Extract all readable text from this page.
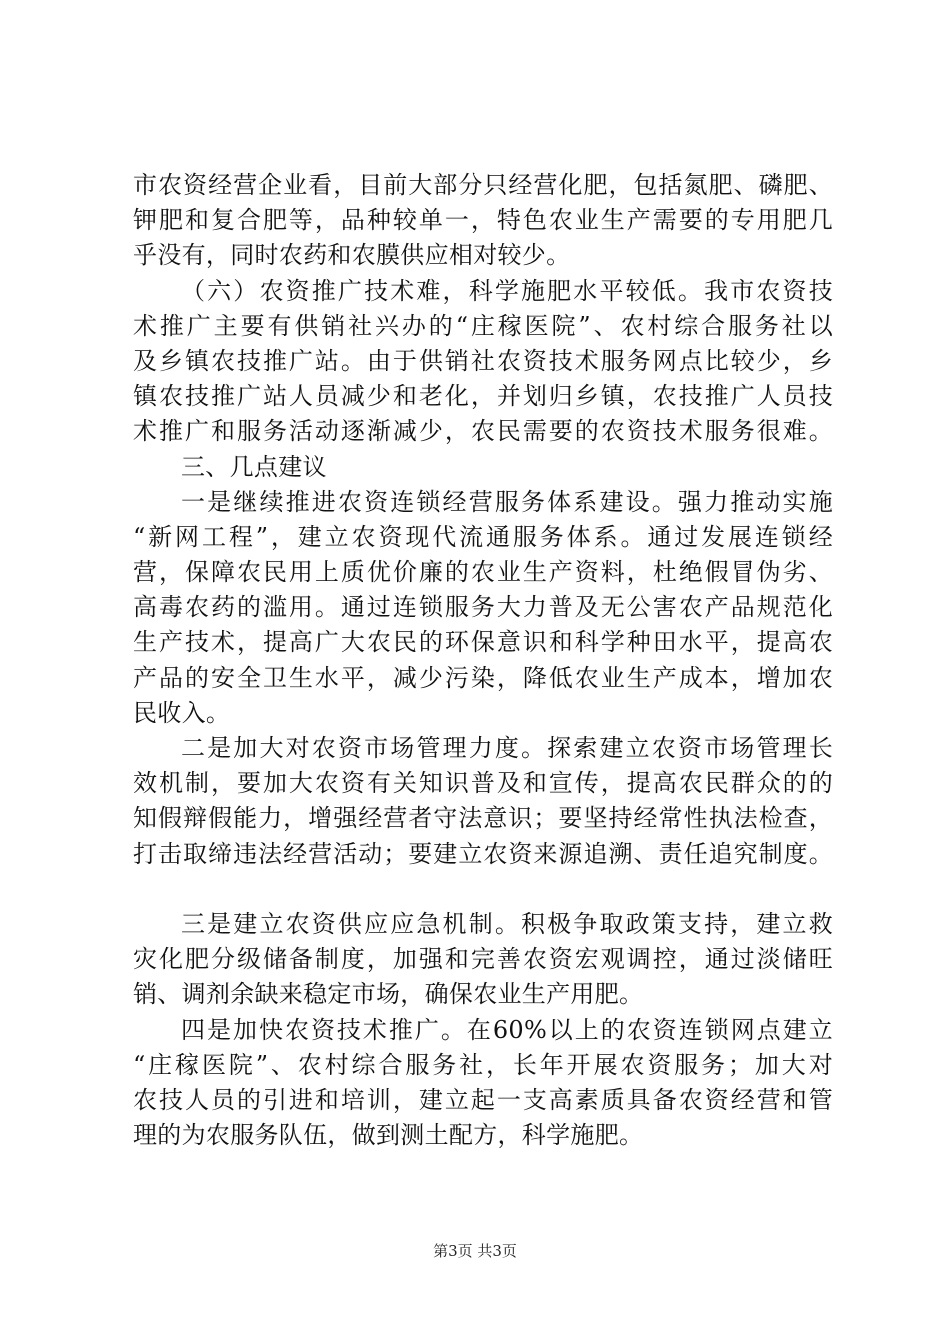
市农资经营企业看，目前大部分只经营化肥，包括氮肥、磷肥、
钾肥和复合肥等，品种较单一，特色农业生产需要的专用肥几
乎没有，同时农药和农膜供应相对较少。
（六）农资推广技术难，科学施肥水平较低。我市农资技
术推广主要有供销社兴办的“庄稼医院”、农村综合服务社以
及乡镇农技推广站。由于供销社农资技术服务网点比较少，乡
镇农技推广站人员减少和老化，并划归乡镇，农技推广人员技
术推广和服务活动逐渐减少，农民需要的农资技术服务很难。
三、几点建议
一是继续推进农资连锁经营服务体系建设。强力推动实施
“新网工程”，建立农资现代流通服务体系。通过发展连锁经
营，保障农民用上质优价廉的农业生产资料，杜绝假冒伪劣、
高毒农药的滥用。通过连锁服务大力普及无公害农产品规范化
生产技术，提高广大农民的环保意识和科学种田水平，提高农
产品的安全卫生水平，减少污染，降低农业生产成本，增加农
民收入。
二是加大对农资市场管理力度。探索建立农资市场管理长
效机制，要加大农资有关知识普及和宣传，提高农民群众的的
知假辩假能力，增强经营者守法意识；要坚持经常性执法检查，
打击取缔违法经营活动；要建立农资来源追溯、责任追究制度。
三是建立农资供应应急机制。积极争取政策支持，建立救
灾化肥分级储备制度，加强和完善农资宏观调控，通过淡储旺
销、调剂余缺来稳定市场，确保农业生产用肥。
四是加快农资技术推广。在60%以上的农资连锁网点建立
“庄稼医院”、农村综合服务社，长年开展农资服务；加大对
农技人员的引进和培训，建立起一支高素质具备农资经营和管
理的为农服务队伍，做到测土配方，科学施肥。
第3页 共3页
